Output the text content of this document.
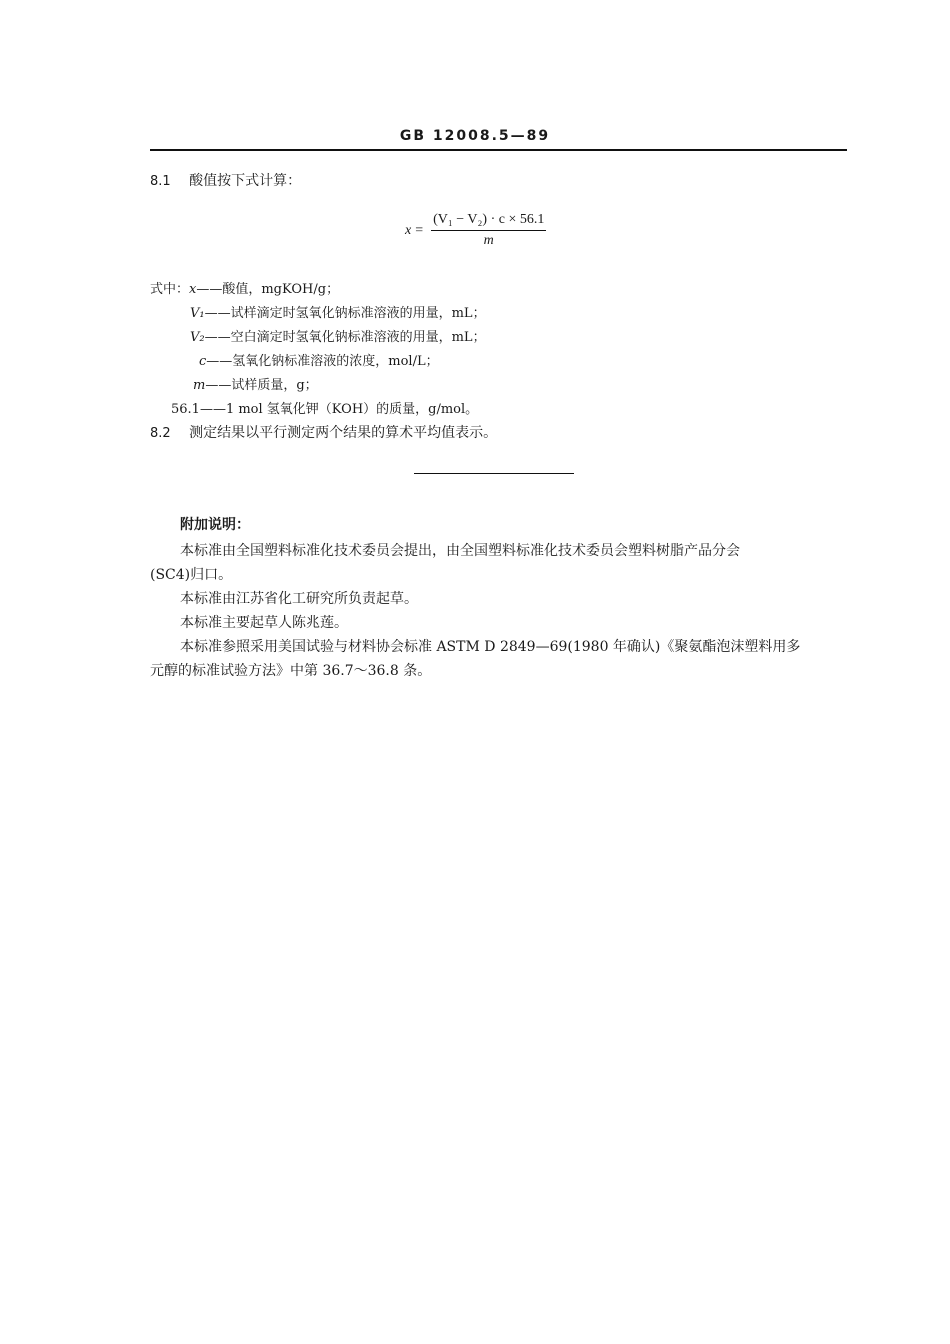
GB 12008.5—89
8.1 酸值按下式计算：
$x = \frac{\text{(V₁ − V₂) · c × 56.1}}{m}$
式中：x——酸值，mgKOH/g；
V₁——试样滴定时氢氧化钠标准溶液的用量，mL；
V₂——空白滴定时氢氧化钠标准溶液的用量，mL；
c——氢氧化钠标准溶液的浓度，mol/L；
m——试样质量，g；
56.1——1 mol 氢氧化钾（KOH）的质量，g/mol。
8.2 测定结果以平行测定两个结果的算术平均值表示。
附加说明：
本标准由全国塑料标准化技术委员会提出，由全国塑料标准化技术委员会塑料树脂产品分会
(SC4)归口。
本标准由江苏省化工研究所负责起草。
本标准主要起草人陈兆莲。
本标准参照采用美国试验与材料协会标准 ASTM D 2849—69(1980 年确认)《聚氨酯泡沫塑料用多
元醇的标准试验方法》中第 36.7～36.8 条。
